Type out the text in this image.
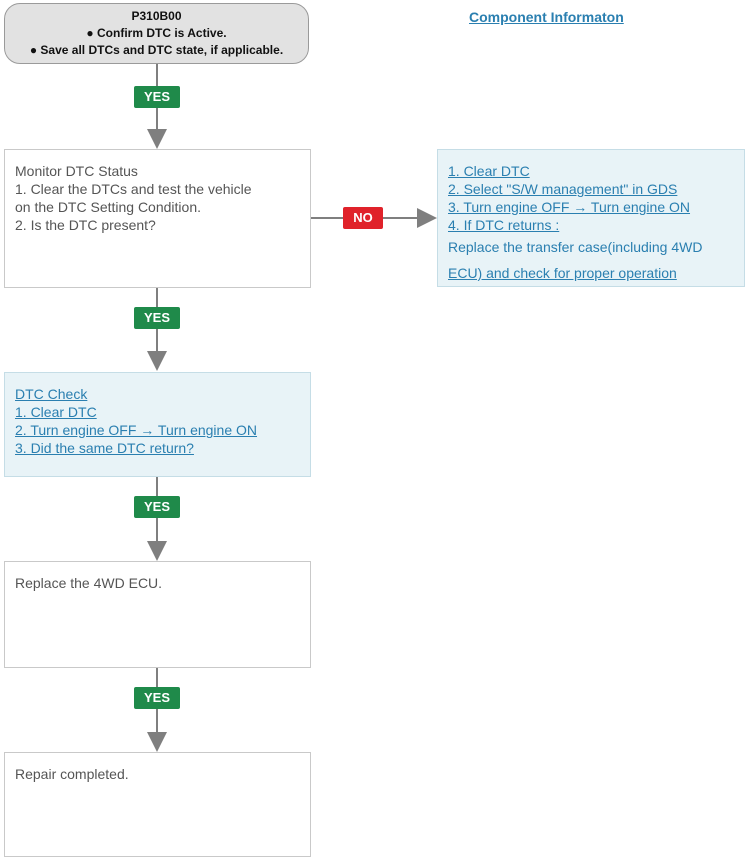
P310B00
● Confirm DTC is Active.
● Save all DTCs and DTC state, if applicable.
Component Informaton
YES
Monitor DTC Status
1. Clear the DTCs and test the vehicle
on the DTC Setting Condition.
2. Is the DTC present?	NO
1. Clear DTC
2. Select "S/W management" in GDS
3. Turn engine OFF → Turn engine ON
4. If DTC returns :
Replace the transfer case(including 4WD
ECU) and check for proper operation
YES
DTC Check
1. Clear DTC
2. Turn engine OFF → Turn engine ON
3. Did the same DTC return?
YES
Replace the 4WD ECU.
YES
Repair completed.
